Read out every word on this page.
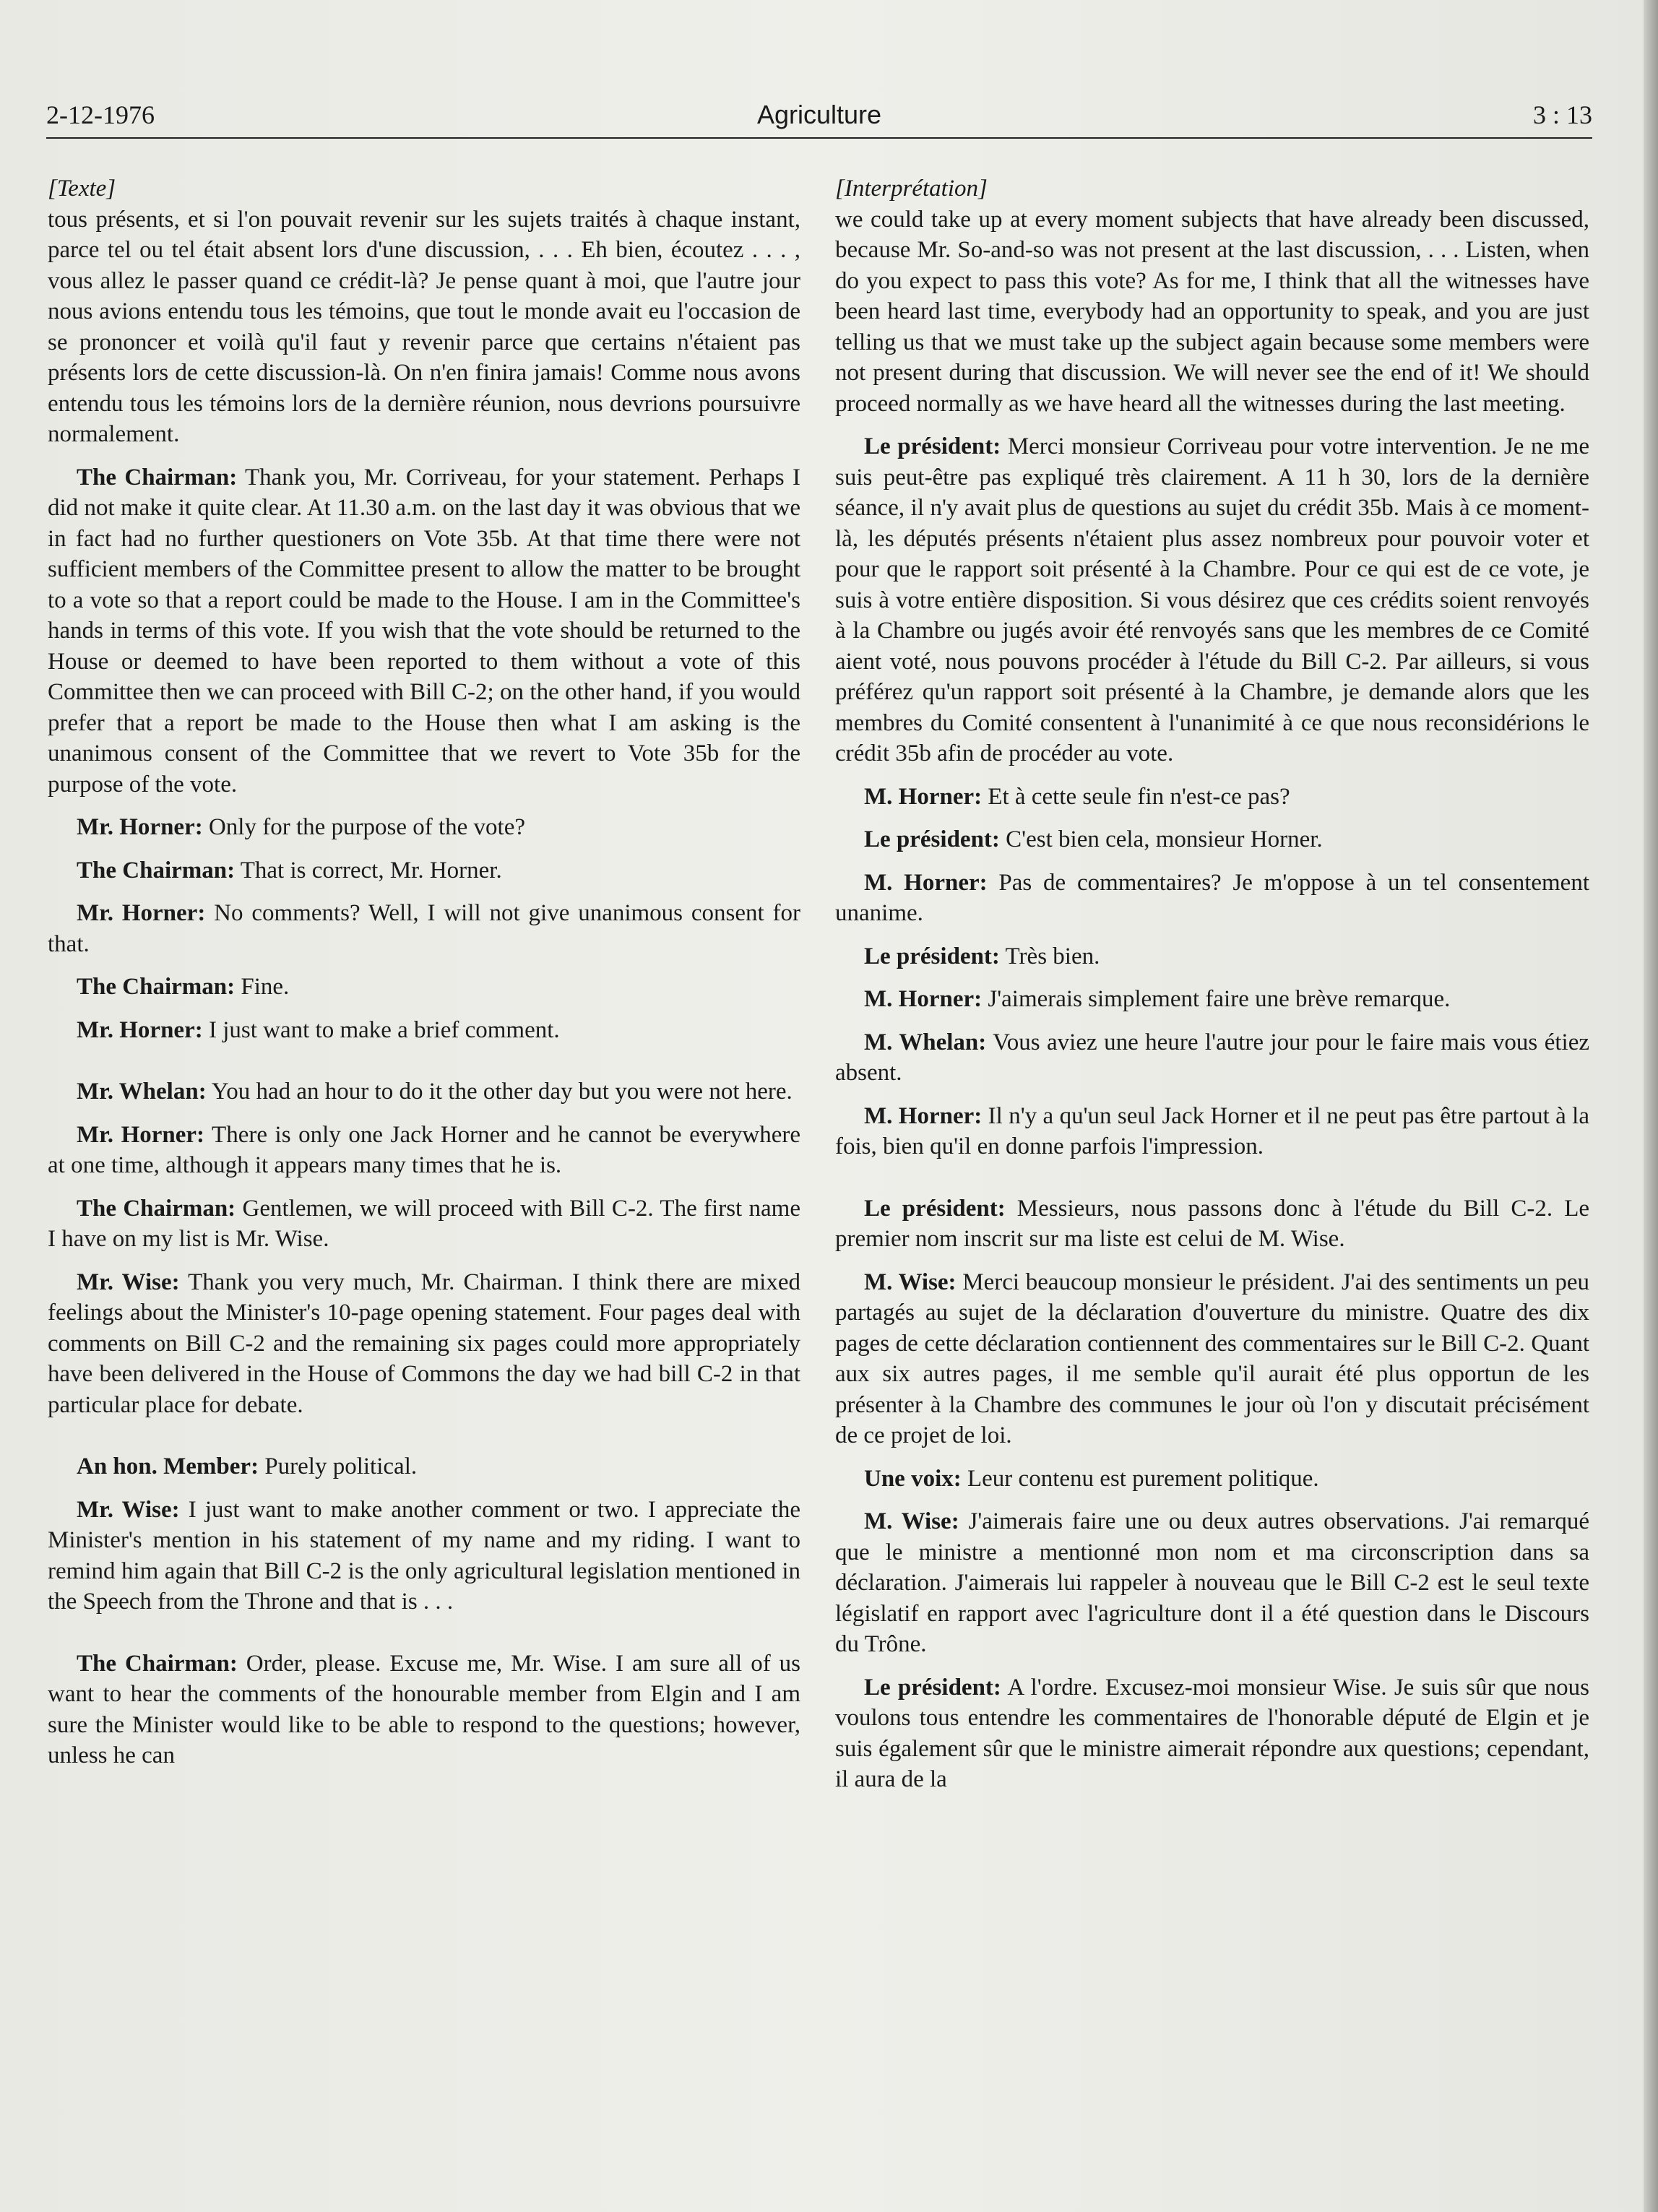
2-12-1976	Agriculture	3 : 13

[Texte]

tous présents, et si l'on pouvait revenir sur les sujets traités à chaque instant, parce tel ou tel était absent lors d'une discussion, . . . Eh bien, écoutez . . . , vous allez le passer quand ce crédit-là? Je pense quant à moi, que l'autre jour nous avions entendu tous les témoins, que tout le monde avait eu l'occasion de se prononcer et voilà qu'il faut y revenir parce que certains n'étaient pas présents lors de cette discussion-là. On n'en finira jamais! Comme nous avons entendu tous les témoins lors de la dernière réunion, nous devrions poursuivre normalement.

The Chairman: Thank you, Mr. Corriveau, for your statement. Perhaps I did not make it quite clear. At 11.30 a.m. on the last day it was obvious that we in fact had no further questioners on Vote 35b. At that time there were not sufficient members of the Committee present to allow the matter to be brought to a vote so that a report could be made to the House. I am in the Committee's hands in terms of this vote. If you wish that the vote should be returned to the House or deemed to have been reported to them without a vote of this Committee then we can proceed with Bill C-2; on the other hand, if you would prefer that a report be made to the House then what I am asking is the unanimous consent of the Committee that we revert to Vote 35b for the purpose of the vote.

Mr. Horner: Only for the purpose of the vote?

The Chairman: That is correct, Mr. Horner.

Mr. Horner: No comments? Well, I will not give unanimous consent for that.

The Chairman: Fine.

Mr. Horner: I just want to make a brief comment.

Mr. Whelan: You had an hour to do it the other day but you were not here.

Mr. Horner: There is only one Jack Horner and he cannot be everywhere at one time, although it appears many times that he is.

The Chairman: Gentlemen, we will proceed with Bill C-2. The first name I have on my list is Mr. Wise.

Mr. Wise: Thank you very much, Mr. Chairman. I think there are mixed feelings about the Minister's 10-page opening statement. Four pages deal with comments on Bill C-2 and the remaining six pages could more appropriately have been delivered in the House of Commons the day we had bill C-2 in that particular place for debate.

An hon. Member: Purely political.

Mr. Wise: I just want to make another comment or two. I appreciate the Minister's mention in his statement of my name and my riding. I want to remind him again that Bill C-2 is the only agricultural legislation mentioned in the Speech from the Throne and that is . . .

The Chairman: Order, please. Excuse me, Mr. Wise. I am sure all of us want to hear the comments of the honourable member from Elgin and I am sure the Minister would like to be able to respond to the questions; however, unless he can

[Interprétation]

we could take up at every moment subjects that have already been discussed, because Mr. So-and-so was not present at the last discussion, . . . Listen, when do you expect to pass this vote? As for me, I think that all the witnesses have been heard last time, everybody had an opportunity to speak, and you are just telling us that we must take up the subject again because some members were not present during that discussion. We will never see the end of it! We should proceed normally as we have heard all the witnesses during the last meeting.

Le président: Merci monsieur Corriveau pour votre intervention. Je ne me suis peut-être pas expliqué très clairement. A 11 h 30, lors de la dernière séance, il n'y avait plus de questions au sujet du crédit 35b. Mais à ce moment-là, les députés présents n'étaient plus assez nombreux pour pouvoir voter et pour que le rapport soit présenté à la Chambre. Pour ce qui est de ce vote, je suis à votre entière disposition. Si vous désirez que ces crédits soient renvoyés à la Chambre ou jugés avoir été renvoyés sans que les membres de ce Comité aient voté, nous pouvons procéder à l'étude du Bill C-2. Par ailleurs, si vous préférez qu'un rapport soit présenté à la Chambre, je demande alors que les membres du Comité consentent à l'unanimité à ce que nous reconsidérions le crédit 35b afin de procéder au vote.

M. Horner: Et à cette seule fin n'est-ce pas?

Le président: C'est bien cela, monsieur Horner.

M. Horner: Pas de commentaires? Je m'oppose à un tel consentement unanime.

Le président: Très bien.

M. Horner: J'aimerais simplement faire une brève remarque.

M. Whelan: Vous aviez une heure l'autre jour pour le faire mais vous étiez absent.

M. Horner: Il n'y a qu'un seul Jack Horner et il ne peut pas être partout à la fois, bien qu'il en donne parfois l'impression.

Le président: Messieurs, nous passons donc à l'étude du Bill C-2. Le premier nom inscrit sur ma liste est celui de M. Wise.

M. Wise: Merci beaucoup monsieur le président. J'ai des sentiments un peu partagés au sujet de la déclaration d'ouverture du ministre. Quatre des dix pages de cette déclaration contiennent des commentaires sur le Bill C-2. Quant aux six autres pages, il me semble qu'il aurait été plus opportun de les présenter à la Chambre des communes le jour où l'on y discutait précisément de ce projet de loi.

Une voix: Leur contenu est purement politique.

M. Wise: J'aimerais faire une ou deux autres observations. J'ai remarqué que le ministre a mentionné mon nom et ma circonscription dans sa déclaration. J'aimerais lui rappeler à nouveau que le Bill C-2 est le seul texte législatif en rapport avec l'agriculture dont il a été question dans le Discours du Trône.

Le président: A l'ordre. Excusez-moi monsieur Wise. Je suis sûr que nous voulons tous entendre les commentaires de l'honorable député de Elgin et je suis également sûr que le ministre aimerait répondre aux questions; cependant, il aura de la
